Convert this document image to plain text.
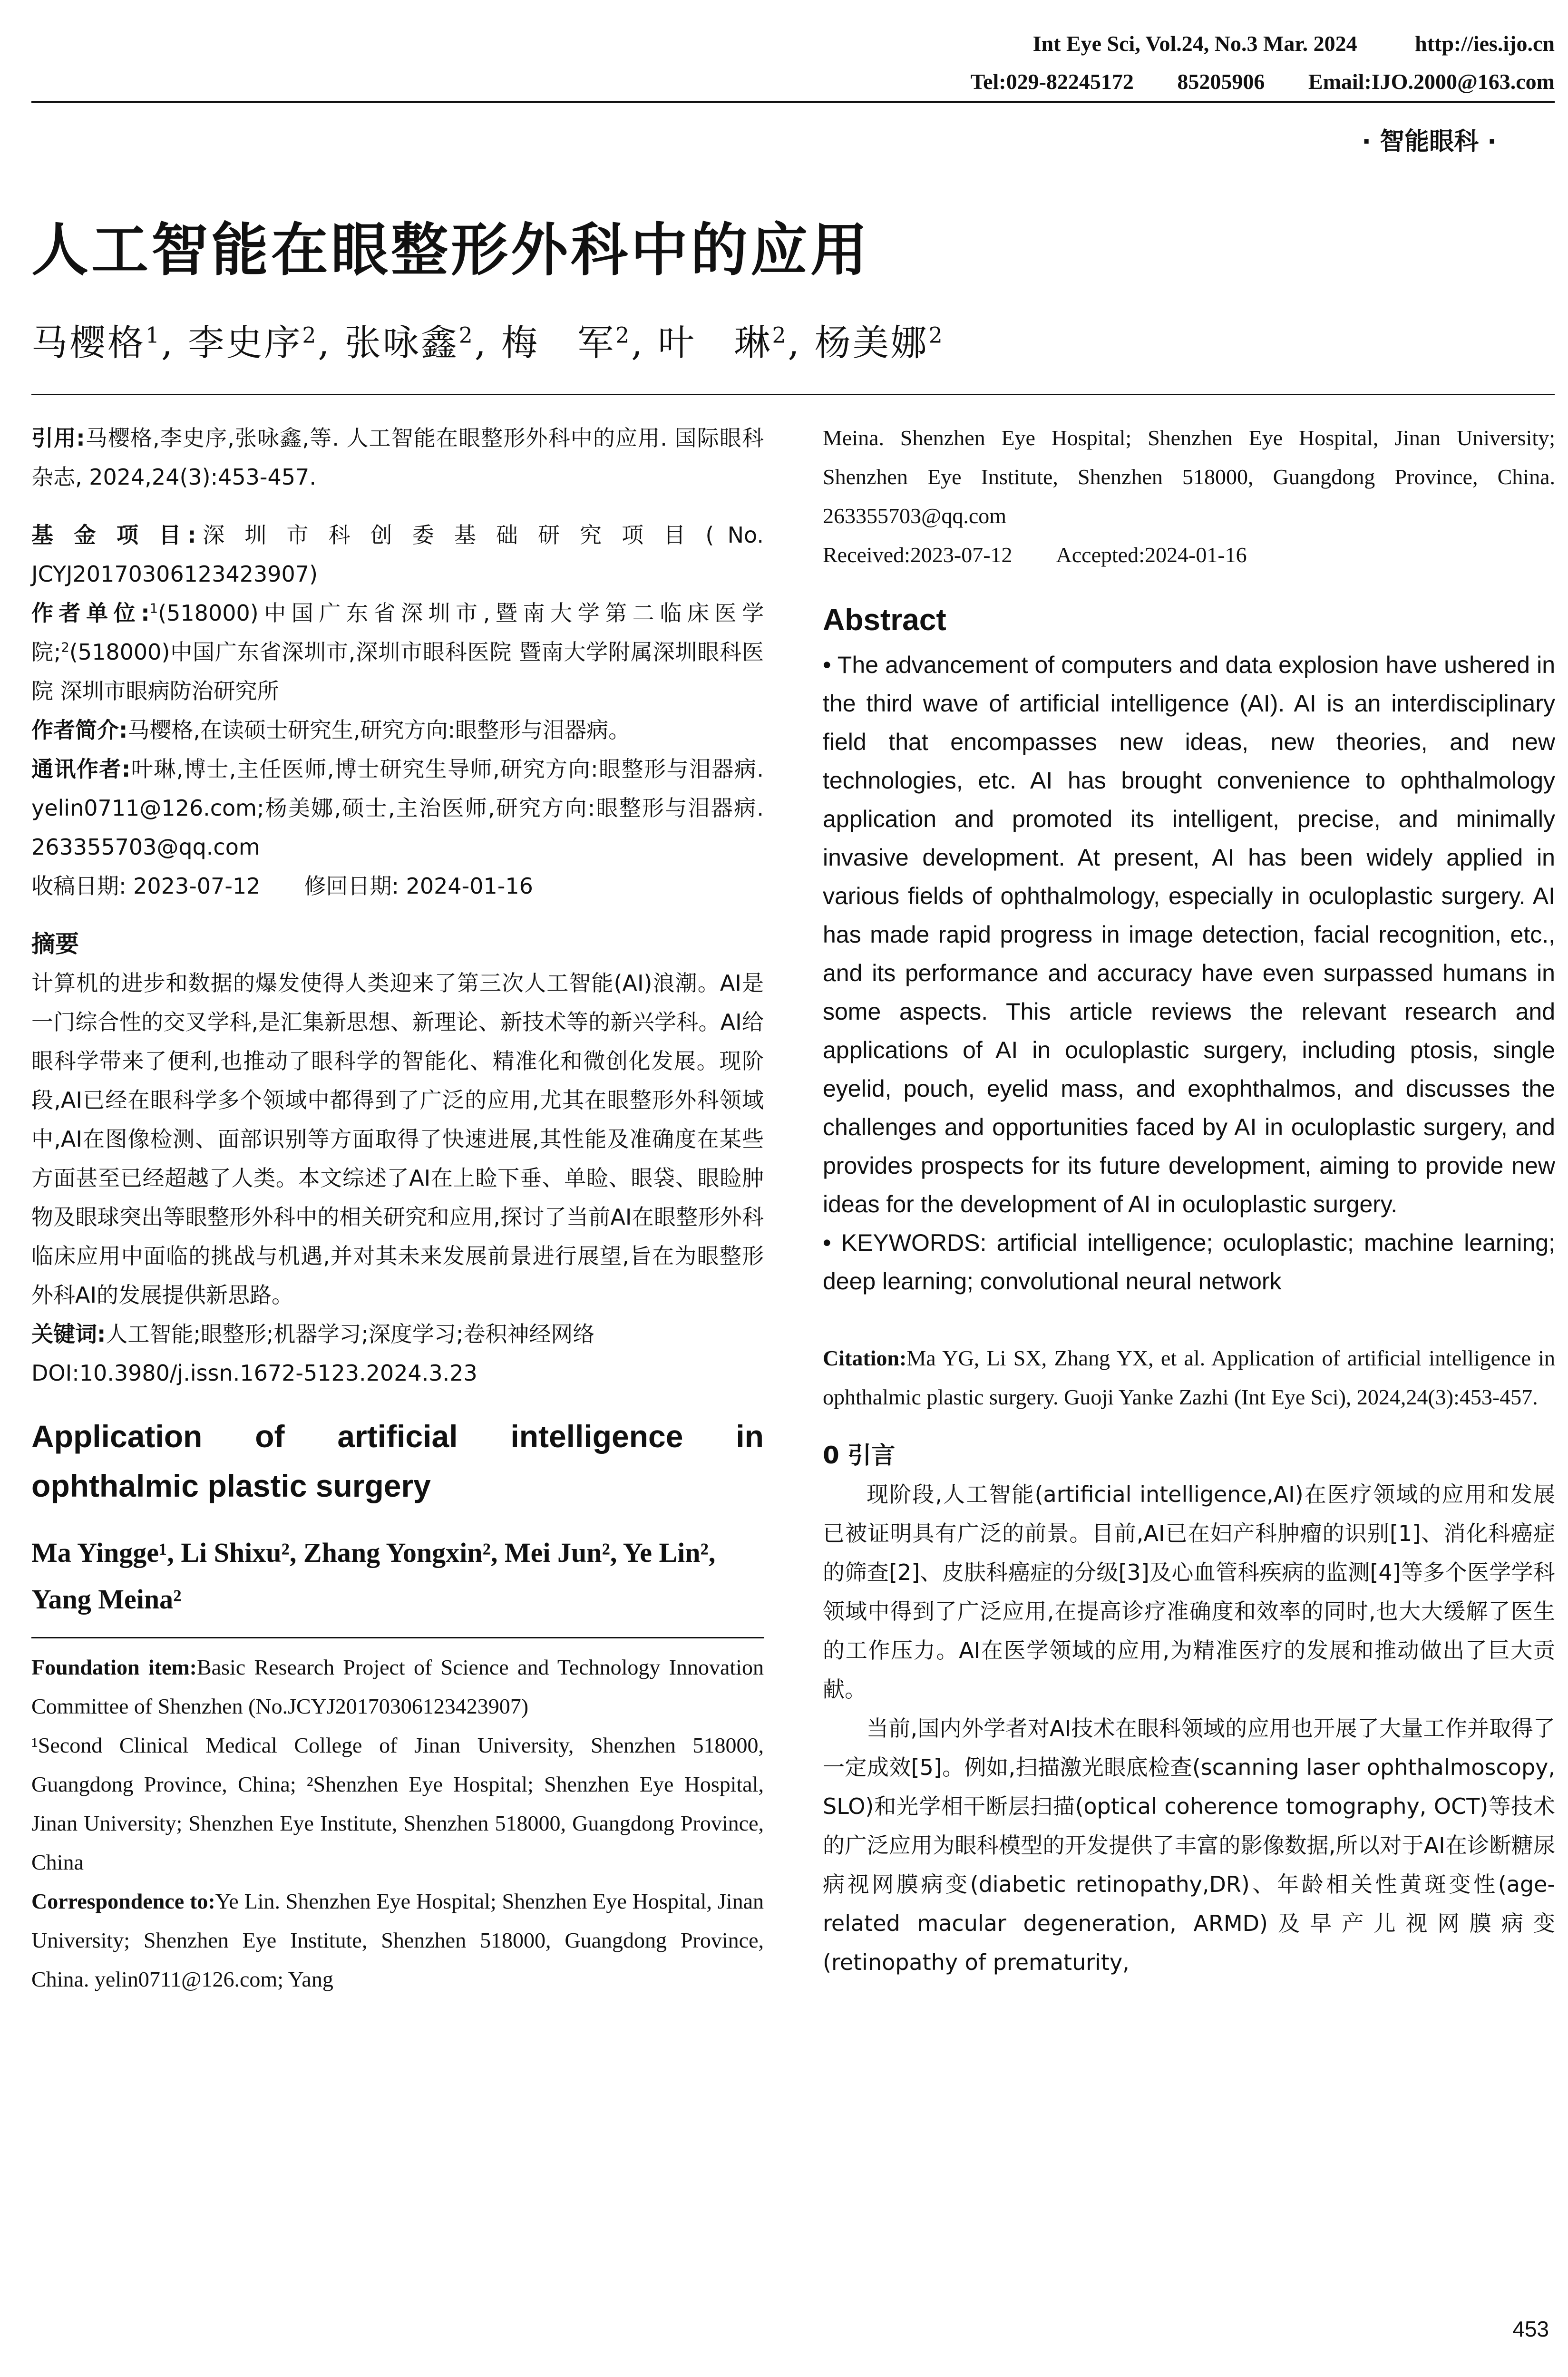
Int Eye Sci, Vol.24, No.3 Mar. 2024	http://ies.ijo.cn
Tel:029-82245172 85205906 Email:IJO.2000@163.com
· 智能眼科 ·
人工智能在眼整形外科中的应用
马樱格$^1$, 李史序$^2$, 张咏鑫$^2$, 梅　军$^2$, 叶　琳$^2$, 杨美娜$^2$

引用:马樱格,李史序,张咏鑫,等. 人工智能在眼整形外科中的应用. 国际眼科杂志, 2024,24(3):453-457.

基 金 项 目:深 圳 市 科 创 委 基 础 研 究 项 目 ( No. JCYJ20170306123423907)

作者单位:$^1$(518000)中国广东省深圳市,暨南大学第二临床医学院;$^2$(518000)中国广东省深圳市,深圳市眼科医院 暨南大学附属深圳眼科医院 深圳市眼病防治研究所

作者简介:马樱格,在读硕士研究生,研究方向:眼整形与泪器病。

通讯作者:叶琳,博士,主任医师,博士研究生导师,研究方向:眼整形与泪器病. yelin0711@126.com;杨美娜,硕士,主治医师,研究方向:眼整形与泪器病. 263355703@qq.com

收稿日期: 2023-07-12　　修回日期: 2024-01-16

摘要

计算机的进步和数据的爆发使得人类迎来了第三次人工智能(AI)浪潮。AI是一门综合性的交叉学科,是汇集新思想、新理论、新技术等的新兴学科。AI给眼科学带来了便利,也推动了眼科学的智能化、精准化和微创化发展。现阶段,AI已经在眼科学多个领域中都得到了广泛的应用,尤其在眼整形外科领域中,AI在图像检测、面部识别等方面取得了快速进展,其性能及准确度在某些方面甚至已经超越了人类。本文综述了AI在上睑下垂、单睑、眼袋、眼睑肿物及眼球突出等眼整形外科中的相关研究和应用,探讨了当前AI在眼整形外科临床应用中面临的挑战与机遇,并对其未来发展前景进行展望,旨在为眼整形外科AI的发展提供新思路。

关键词:人工智能;眼整形;机器学习;深度学习;卷积神经网络

DOI:10.3980/j.issn.1672-5123.2024.3.23

Application of artificial intelligence in ophthalmic plastic surgery

Ma Yingge¹, Li Shixu², Zhang Yongxin², Mei Jun², Ye Lin², Yang Meina²

Foundation item:Basic Research Project of Science and Technology Innovation Committee of Shenzhen (No.JCYJ20170306123423907)

¹Second Clinical Medical College of Jinan University, Shenzhen 518000, Guangdong Province, China; ²Shenzhen Eye Hospital; Shenzhen Eye Hospital, Jinan University; Shenzhen Eye Institute, Shenzhen 518000, Guangdong Province, China

Correspondence to:Ye Lin. Shenzhen Eye Hospital; Shenzhen Eye Hospital, Jinan University; Shenzhen Eye Institute, Shenzhen 518000, Guangdong Province, China. yelin0711@126.com; Yang

Meina. Shenzhen Eye Hospital; Shenzhen Eye Hospital, Jinan University; Shenzhen Eye Institute, Shenzhen 518000, Guangdong Province, China. 263355703@qq.com

Received:2023-07-12　　Accepted:2024-01-16

Abstract

• The advancement of computers and data explosion have ushered in the third wave of artificial intelligence (AI). AI is an interdisciplinary field that encompasses new ideas, new theories, and new technologies, etc. AI has brought convenience to ophthalmology application and promoted its intelligent, precise, and minimally invasive development. At present, AI has been widely applied in various fields of ophthalmology, especially in oculoplastic surgery. AI has made rapid progress in image detection, facial recognition, etc., and its performance and accuracy have even surpassed humans in some aspects. This article reviews the relevant research and applications of AI in oculoplastic surgery, including ptosis, single eyelid, pouch, eyelid mass, and exophthalmos, and discusses the challenges and opportunities faced by AI in oculoplastic surgery, and provides prospects for its future development, aiming to provide new ideas for the development of AI in oculoplastic surgery.

• KEYWORDS: artificial intelligence; oculoplastic; machine learning; deep learning; convolutional neural network

Citation:Ma YG, Li SX, Zhang YX, et al. Application of artificial intelligence in ophthalmic plastic surgery. Guoji Yanke Zazhi (Int Eye Sci), 2024,24(3):453-457.

0 引言

现阶段,人工智能(artificial intelligence,AI)在医疗领域的应用和发展已被证明具有广泛的前景。目前,AI已在妇产科肿瘤的识别[1]、消化科癌症的筛查[2]、皮肤科癌症的分级[3]及心血管科疾病的监测[4]等多个医学学科领域中得到了广泛应用,在提高诊疗准确度和效率的同时,也大大缓解了医生的工作压力。AI在医学领域的应用,为精准医疗的发展和推动做出了巨大贡献。

当前,国内外学者对AI技术在眼科领域的应用也开展了大量工作并取得了一定成效[5]。例如,扫描激光眼底检查(scanning laser ophthalmoscopy, SLO)和光学相干断层扫描(optical coherence tomography, OCT)等技术的广泛应用为眼科模型的开发提供了丰富的影像数据,所以对于AI在诊断糖尿病视网膜病变(diabetic retinopathy,DR)、年龄相关性黄斑变性(age-related macular degeneration, ARMD)及早产儿视网膜病变(retinopathy of prematurity,

453
